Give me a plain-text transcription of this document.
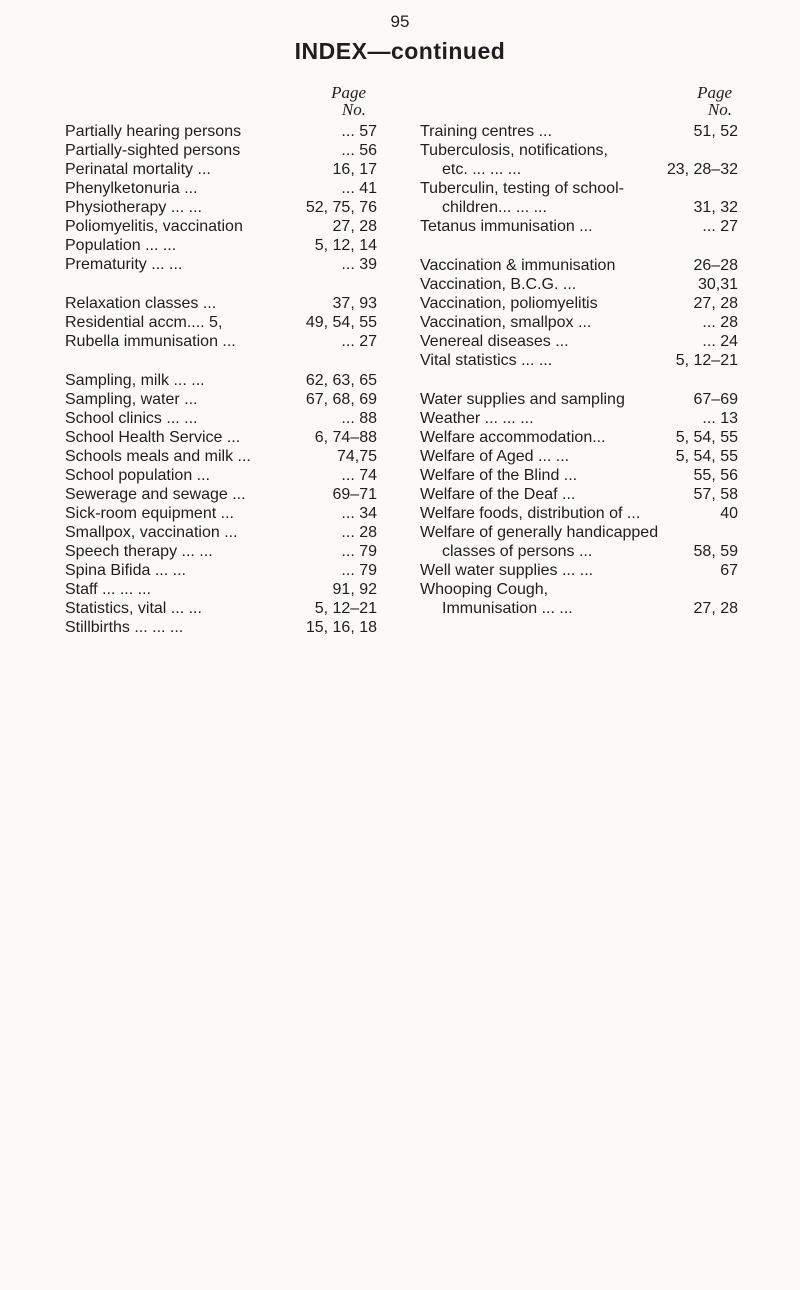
95
INDEX—continued
Page
No.
Partially hearing persons	... 57
Partially-sighted persons	... 56
Perinatal mortality ...	16, 17
Phenylketonuria ...	... 41
Physiotherapy ... ...	52, 75, 76
Poliomyelitis, vaccination	27, 28
Population ... ...	5, 12, 14
Prematurity ... ...	... 39
Relaxation classes ...	37, 93
Residential accm.... 5,	49, 54, 55
Rubella immunisation ...	... 27
Sampling, milk ... ...	62, 63, 65
Sampling, water ...	67, 68, 69
School clinics ... ...	... 88
School Health Service ...	6, 74–88
Schools meals and milk ...	74,75
School population ...	... 74
Sewerage and sewage ...	69–71
Sick-room equipment ...	... 34
Smallpox, vaccination ...	... 28
Speech therapy ... ...	... 79
Spina Bifida ... ...	... 79
Staff ... ... ...	91, 92
Statistics, vital ... ...	5, 12–21
Stillbirths ... ... ...	15, 16, 18
Page
No.
Training centres ...	51, 52
Tuberculosis, notifications,
etc. ... ... ...	23, 28–32
Tuberculin, testing of school-
children... ... ...	31, 32
Tetanus immunisation ...	... 27
Vaccination & immunisation	26–28
Vaccination, B.C.G. ...	30,31
Vaccination, poliomyelitis	27, 28
Vaccination, smallpox ...	... 28
Venereal diseases ...	... 24
Vital statistics ... ...	5, 12–21
Water supplies and sampling	67–69
Weather ... ... ...	... 13
Welfare accommodation...	5, 54, 55
Welfare of Aged ... ...	5, 54, 55
Welfare of the Blind ...	55, 56
Welfare of the Deaf ...	57, 58
Welfare foods, distribution of ...	40
Welfare of generally handicapped
classes of persons ...	58, 59
Well water supplies ... ...	67
Whooping Cough,
Immunisation ... ...	27, 28
